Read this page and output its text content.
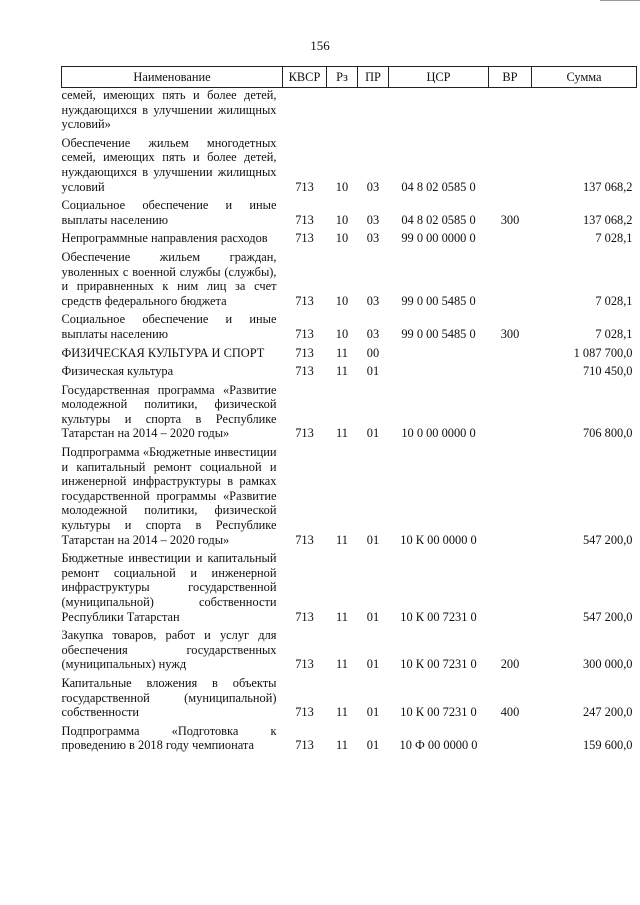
156
Наименование	КВСР	Рз	ПР	ЦСР	ВР	Сумма
семей, имеющих пять и более детей, нуждающихся в улучшении жилищных условий»						
Обеспечение жильем многодетных семей, имеющих пять и более детей, нуждающихся в улучшении жилищных условий	713	10	03	04 8 02 0585 0		137 068,2
Социальное обеспечение и иные выплаты населению	713	10	03	04 8 02 0585 0	300	137 068,2
Непрограммные направления расходов	713	10	03	99 0 00 0000 0		7 028,1
Обеспечение жильем граждан, уволенных с военной службы (службы), и приравненных к ним лиц за счет средств федерального бюджета	713	10	03	99 0 00 5485 0		7 028,1
Социальное обеспечение и иные выплаты населению	713	10	03	99 0 00 5485 0	300	7 028,1
ФИЗИЧЕСКАЯ КУЛЬТУРА И СПОРТ	713	11	00			1 087 700,0
Физическая культура	713	11	01			710 450,0
Государственная программа «Развитие молодежной политики, физической культуры и спорта в Республике Татарстан на 2014 – 2020 годы»	713	11	01	10 0 00 0000 0		706 800,0
Подпрограмма «Бюджетные инвестиции и капитальный ремонт социальной и инженерной инфраструктуры в рамках государственной программы «Развитие молодежной политики, физической культуры и спорта в Республике Татарстан на 2014 – 2020 годы»	713	11	01	10 К 00 0000 0		547 200,0
Бюджетные инвестиции и капитальный ремонт социальной и инженерной инфраструктуры государственной (муниципальной) собственности Республики Татарстан	713	11	01	10 К 00 7231 0		547 200,0
Закупка товаров, работ и услуг для обеспечения государственных (муниципальных) нужд	713	11	01	10 К 00 7231 0	200	300 000,0
Капитальные вложения в объекты государственной (муниципальной) собственности	713	11	01	10 К 00 7231 0	400	247 200,0
Подпрограмма «Подготовка к проведению в 2018 году чемпионата	713	11	01	10 Ф 00 0000 0		159 600,0
